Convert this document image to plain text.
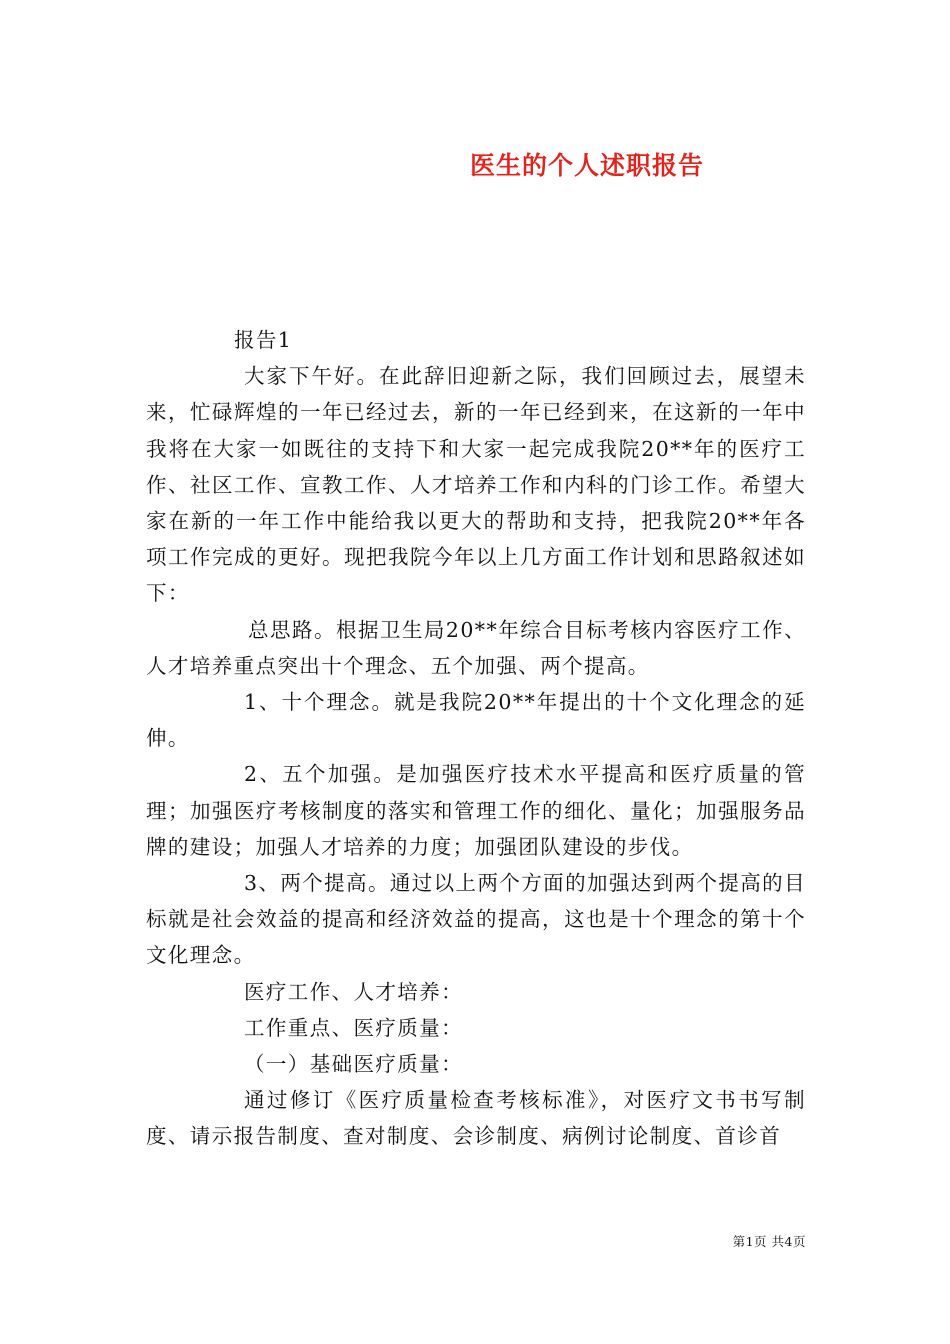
医生的个人述职报告

报告1

大家下午好。在此辞旧迎新之际，我们回顾过去，展望未来，忙碌辉煌的一年已经过去，新的一年已经到来，在这新的一年中我将在大家一如既往的支持下和大家一起完成我院20**年的医疗工作、社区工作、宣教工作、人才培养工作和内科的门诊工作。希望大家在新的一年工作中能给我以更大的帮助和支持，把我院20**年各项工作完成的更好。现把我院今年以上几方面工作计划和思路叙述如下：

总思路。根据卫生局20**年综合目标考核内容医疗工作、人才培养重点突出十个理念、五个加强、两个提高。

1、十个理念。就是我院20**年提出的十个文化理念的延伸。

2、五个加强。是加强医疗技术水平提高和医疗质量的管理；加强医疗考核制度的落实和管理工作的细化、量化；加强服务品牌的建设；加强人才培养的力度；加强团队建设的步伐。

3、两个提高。通过以上两个方面的加强达到两个提高的目标就是社会效益的提高和经济效益的提高，这也是十个理念的第十个文化理念。

医疗工作、人才培养：

工作重点、医疗质量：

（一）基础医疗质量：

通过修订《医疗质量检查考核标准》，对医疗文书书写制度、请示报告制度、查对制度、会诊制度、病例讨论制度、首诊首

第1页 共4页
